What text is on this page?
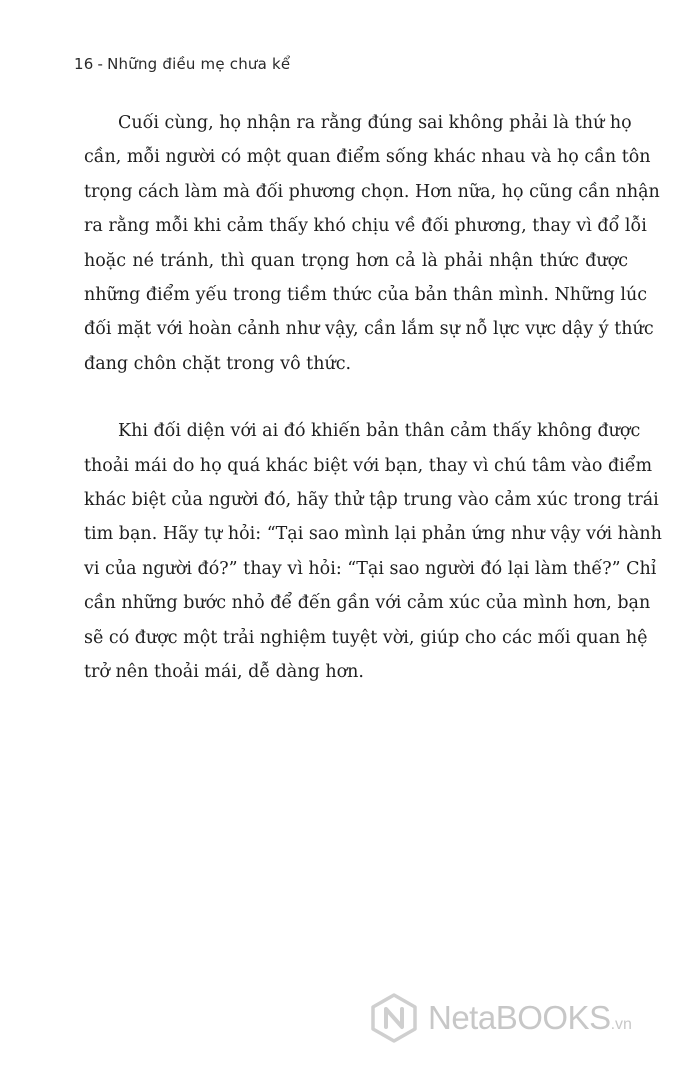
16 - Những điều mẹ chưa kể

Cuối cùng, họ nhận ra rằng đúng sai không phải là thứ họ
cần, mỗi người có một quan điểm sống khác nhau và họ cần tôn
trọng cách làm mà đối phương chọn. Hơn nữa, họ cũng cần nhận
ra rằng mỗi khi cảm thấy khó chịu về đối phương, thay vì đổ lỗi
hoặc né tránh, thì quan trọng hơn cả là phải nhận thức được
những điểm yếu trong tiềm thức của bản thân mình. Những lúc
đối mặt với hoàn cảnh như vậy, cần lắm sự nỗ lực vực dậy ý thức
đang chôn chặt trong vô thức.

Khi đối diện với ai đó khiến bản thân cảm thấy không được
thoải mái do họ quá khác biệt với bạn, thay vì chú tâm vào điểm
khác biệt của người đó, hãy thử tập trung vào cảm xúc trong trái
tim bạn. Hãy tự hỏi: “Tại sao mình lại phản ứng như vậy với hành
vi của người đó?” thay vì hỏi: “Tại sao người đó lại làm thế?” Chỉ
cần những bước nhỏ để đến gần với cảm xúc của mình hơn, bạn
sẽ có được một trải nghiệm tuyệt vời, giúp cho các mối quan hệ
trở nên thoải mái, dễ dàng hơn.

NetaBOOKS.vn
